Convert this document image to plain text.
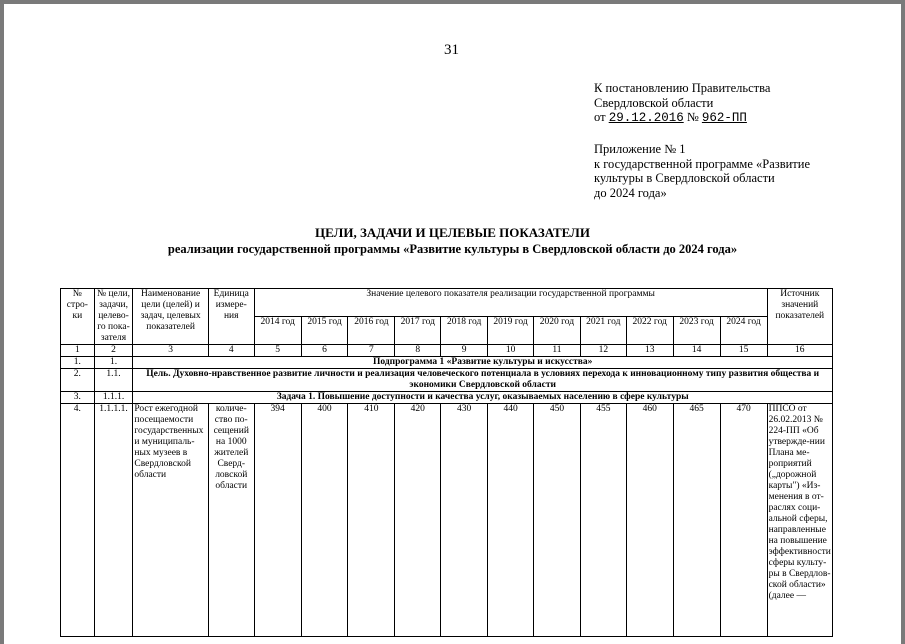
31
К постановлению Правительства
Свердловской области
от 29.12.2016 № 962-ПП
Приложение № 1
к государственной программе «Развитие
культуры в Свердловской области
до 2024 года»
ЦЕЛИ, ЗАДАЧИ И ЦЕЛЕВЫЕ ПОКАЗАТЕЛИ
реализации государственной программы «Развитие культуры в Свердловской области до 2024 года»
№ стро-ки	№ цели, задачи, целево-го пока-зателя	Наименование цели (целей) и задач, целевых показателей	Единица измере-ния	Значение целевого показателя реализации государственной программы											Источник значений показателей
				2014 год	2015 год	2016 год	2017 год	2018 год	2019 год	2020 год	2021 год	2022 год	2023 год	2024 год	
1	2	3	4	5	6	7	8	9	10	11	12	13	14	15	16
1.	1.	Подпрограмма 1 «Развитие культуры и искусства»													
2.	1.1.	Цель. Духовно-нравственное развитие личности и реализация человеческого потенциала в условиях перехода к инновационному типу развития общества и экономики Свердловской области													
3.	1.1.1.	Задача 1. Повышение доступности и качества услуг, оказываемых населению в сфере культуры													
4.	1.1.1.1.	Рост ежегодной посещаемости государственных и муниципаль-ных музеев в Свердловской области	количе-ство по-сещений на 1000 жителей Сверд-ловской области	394	400	410	420	430	440	450	455	460	465	470	ППСО от 26.02.2013 № 224-ПП «Об утвержде-нии Плана ме-роприятий („дорожной карты") «Из-менения в от-раслях соци-альной сферы, направленные на повышение эффективности сферы культу-ры в Свердлов-ской области» (далее —
